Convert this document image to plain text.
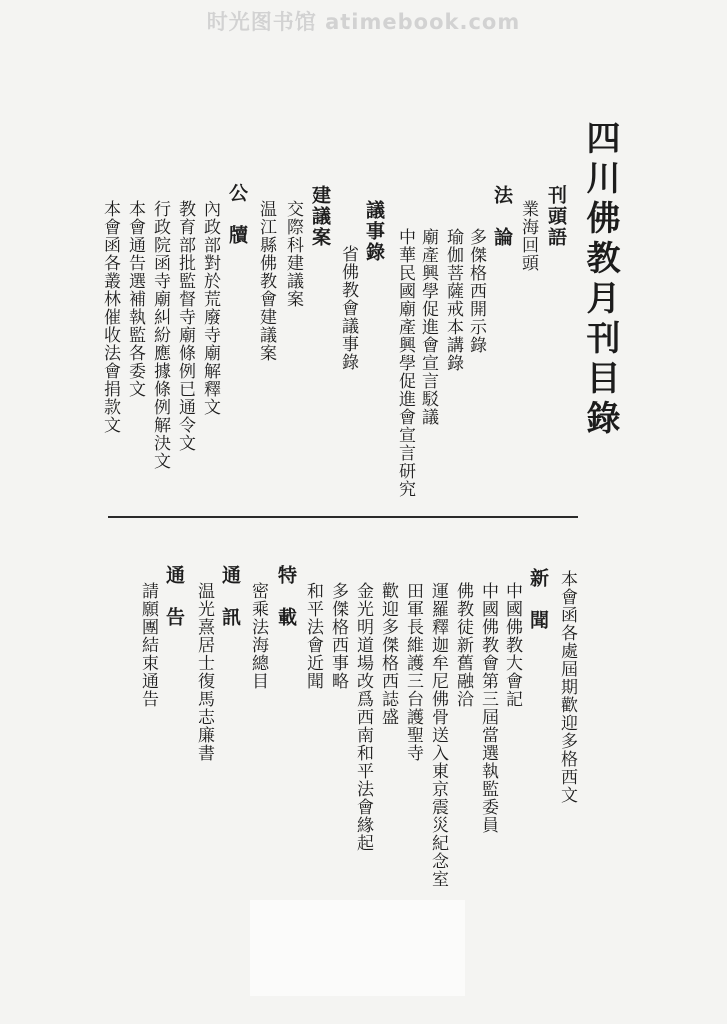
时光图书馆 atimebook.com
四川佛教月刊目錄
刊頭語
業海回頭
法　論
多傑格西開示錄
瑜伽菩薩戒本講錄
廟產興學促進會宣言駁議
中華民國廟產興學促進會宣言研究
議事錄
省佛教會議事錄
建議案
交際科建議案
温江縣佛教會建議案
公　牘
內政部對於荒廢寺廟解釋文
教育部批監督寺廟條例已通令文
行政院函寺廟糾紛應據條例解決文
本會通告選補執監各委文
本會函各叢林催收法會捐款文
本會函各處屆期歡迎多格西文
新　聞
中國佛教大會記
中國佛教會第三屆當選執監委員
佛教徒新舊融洽
運羅釋迦牟尼佛骨送入東京震災紀念室
田軍長維護三台護聖寺
歡迎多傑格西誌盛
金光明道場改爲西南和平法會緣起
多傑格西事略
和平法會近聞
特　載
密乘法海總目
通　訊
温光熹居士復馬志廉書
通　告
請願團結束通告
